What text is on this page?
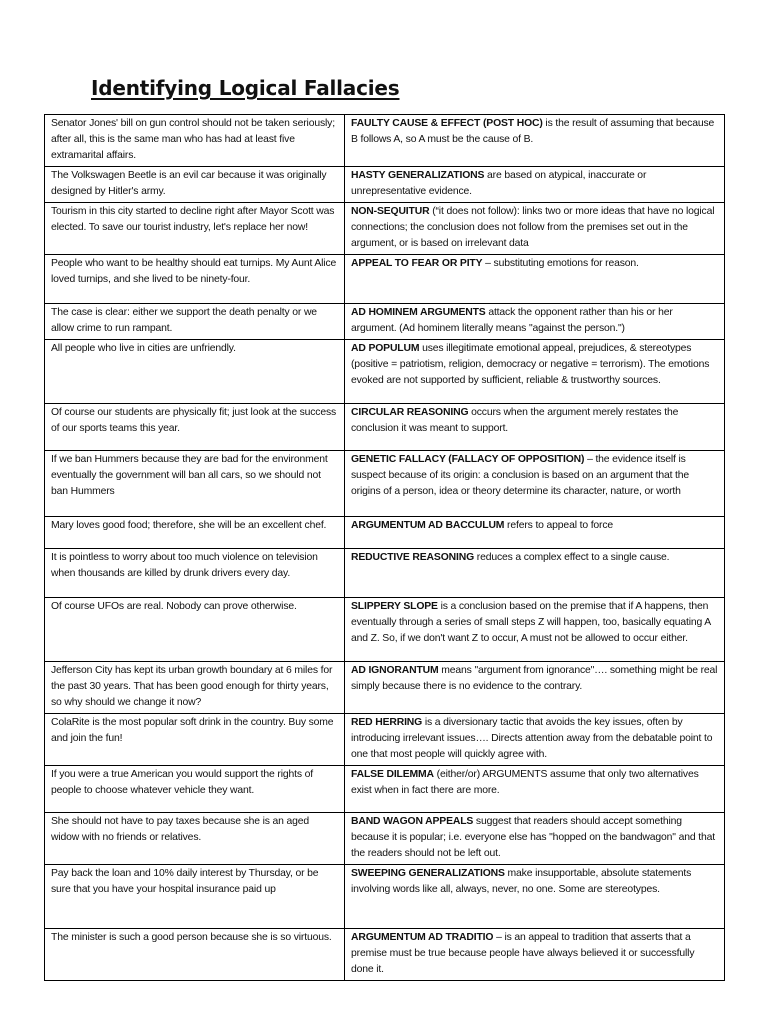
Identifying Logical Fallacies
Senator Jones' bill on gun control should not be taken seriously; after all, this is the same man who has had at least five extramarital affairs.	FAULTY CAUSE & EFFECT (POST HOC) is the result of assuming that because B follows A, so A must be the cause of B.
The Volkswagen Beetle is an evil car because it was originally designed by Hitler's army.	HASTY GENERALIZATIONS are based on atypical, inaccurate or unrepresentative evidence.
Tourism in this city started to decline right after Mayor Scott was elected. To save our tourist industry, let's replace her now!	NON-SEQUITUR (“it does not follow): links two or more ideas that have no logical connections; the conclusion does not follow from the premises set out in the argument, or is based on irrelevant data
People who want to be healthy should eat turnips. My Aunt Alice loved turnips, and she lived to be ninety-four.	APPEAL TO FEAR OR PITY – substituting emotions for reason.
The case is clear: either we support the death penalty or we allow crime to run rampant.	AD HOMINEM ARGUMENTS attack the opponent rather than his or her argument. (Ad hominem literally means "against the person.")
All people who live in cities are unfriendly.	AD POPULUM uses illegitimate emotional appeal, prejudices, & stereotypes (positive = patriotism, religion, democracy or negative = terrorism). The emotions evoked are not supported by sufficient, reliable & trustworthy sources.
Of course our students are physically fit; just look at the success of our sports teams this year.	CIRCULAR REASONING occurs when the argument merely restates the conclusion it was meant to support.
If we ban Hummers because they are bad for the environment eventually the government will ban all cars, so we should not ban Hummers	GENETIC FALLACY (FALLACY OF OPPOSITION) – the evidence itself is suspect because of its origin: a conclusion is based on an argument that the origins of a person, idea or theory determine its character, nature, or worth
Mary loves good food; therefore, she will be an excellent chef.	ARGUMENTUM AD BACCULUM refers to appeal to force
It is pointless to worry about too much violence on television when thousands are killed by drunk drivers every day.	REDUCTIVE REASONING reduces a complex effect to a single cause.
Of course UFOs are real. Nobody can prove otherwise.	SLIPPERY SLOPE is a conclusion based on the premise that if A happens, then eventually through a series of small steps Z will happen, too, basically equating A and Z. So, if we don't want Z to occur, A must not be allowed to occur either.
Jefferson City has kept its urban growth boundary at 6 miles for the past 30 years. That has been good enough for thirty years, so why should we change it now?	AD IGNORANTUM means "argument from ignorance"…. something might be real simply because there is no evidence to the contrary.
ColaRite is the most popular soft drink in the country. Buy some and join the fun!	RED HERRING is a diversionary tactic that avoids the key issues, often by introducing irrelevant issues…. Directs attention away from the debatable point to one that most people will quickly agree with.
If you were a true American you would support the rights of people to choose whatever vehicle they want.	FALSE DILEMMA (either/or) ARGUMENTS assume that only two alternatives exist when in fact there are more.
She should not have to pay taxes because she is an aged widow with no friends or relatives.	BAND WAGON APPEALS suggest that readers should accept something because it is popular; i.e. everyone else has "hopped on the bandwagon" and that the readers should not be left out.
Pay back the loan and 10% daily interest by Thursday, or be sure that you have your hospital insurance paid up	SWEEPING GENERALIZATIONS make insupportable, absolute statements involving words like all, always, never, no one. Some are stereotypes.
The minister is such a good person because she is so virtuous.	ARGUMENTUM AD TRADITIO – is an appeal to tradition that asserts that a premise must be true because people have always believed it or successfully done it.
